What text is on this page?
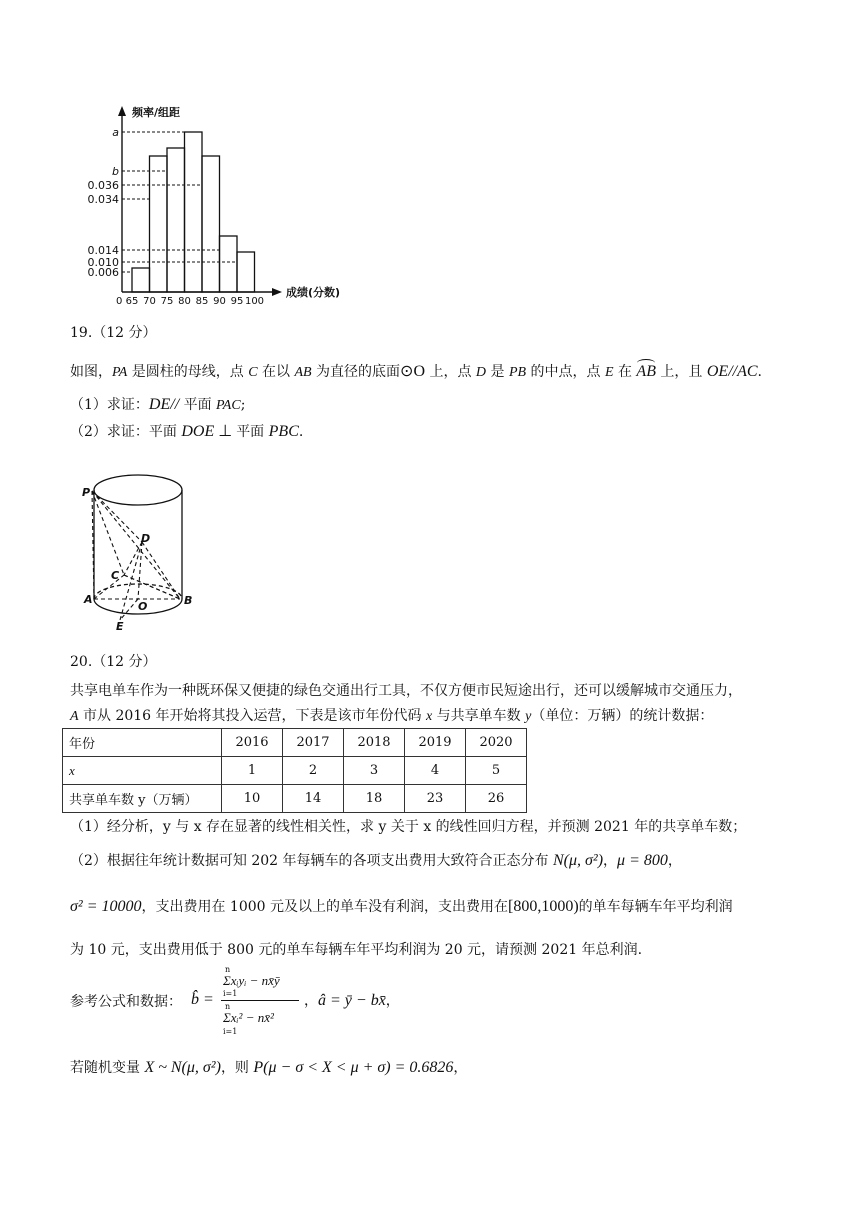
频率/组距
a
b
0.036
0.034
0.014
0.010
0.006
0 65 70 75 80 85 90 95 100
成绩(分数)
19.（12 分）
如图，PA 是圆柱的母线，点 C 在以 AB 为直径的底面⊙O 上，点 D 是 PB 的中点，点 E 在
AB 上，且 OE//AC.
（1）求证：DE// 平面 PAC;
（2）求证：平面 DOE ⊥ 平面 PBC.
P
D
C
A
O	B
E
20.（12 分）
共享电单车作为一种既环保又便捷的绿色交通出行工具，不仅方便市民短途出行，还可以缓解城市交通压力，
A 市从 2016 年开始将其投入运营，下表是该市年份代码 x 与共享单车数 y（单位：万辆）的统计数据：
年份	2016	2017	2018	2019	2020
x	1	2	3	4	5
共享单车数 y（万辆）	10	14	18	23	26
（1）经分析，y 与 x 存在显著的线性相关性，求 y 关于 x 的线性回归方程，并预测 2021 年的共享单车数；
（2）根据往年统计数据可知 202 年每辆车的各项支出费用大致符合正态分布 N(μ, σ²)，μ = 800，
σ² = 10000，支出费用在 1000 元及以上的单车没有利润，支出费用在[800,1000)的单车每辆车年平均利润
为 10 元，支出费用低于 800 元的单车每辆车年平均利润为 20 元，请预测 2021 年总利润.
参考公式和数据： b̂ =
n
Σxᵢyᵢ − nx̄ȳ
i=1
n
Σxᵢ² − nx̄²
i=1
，â = ȳ − bx̄，
若随机变量 X ~ N(μ, σ²)，则 P(μ − σ < X < μ + σ) = 0.6826，
